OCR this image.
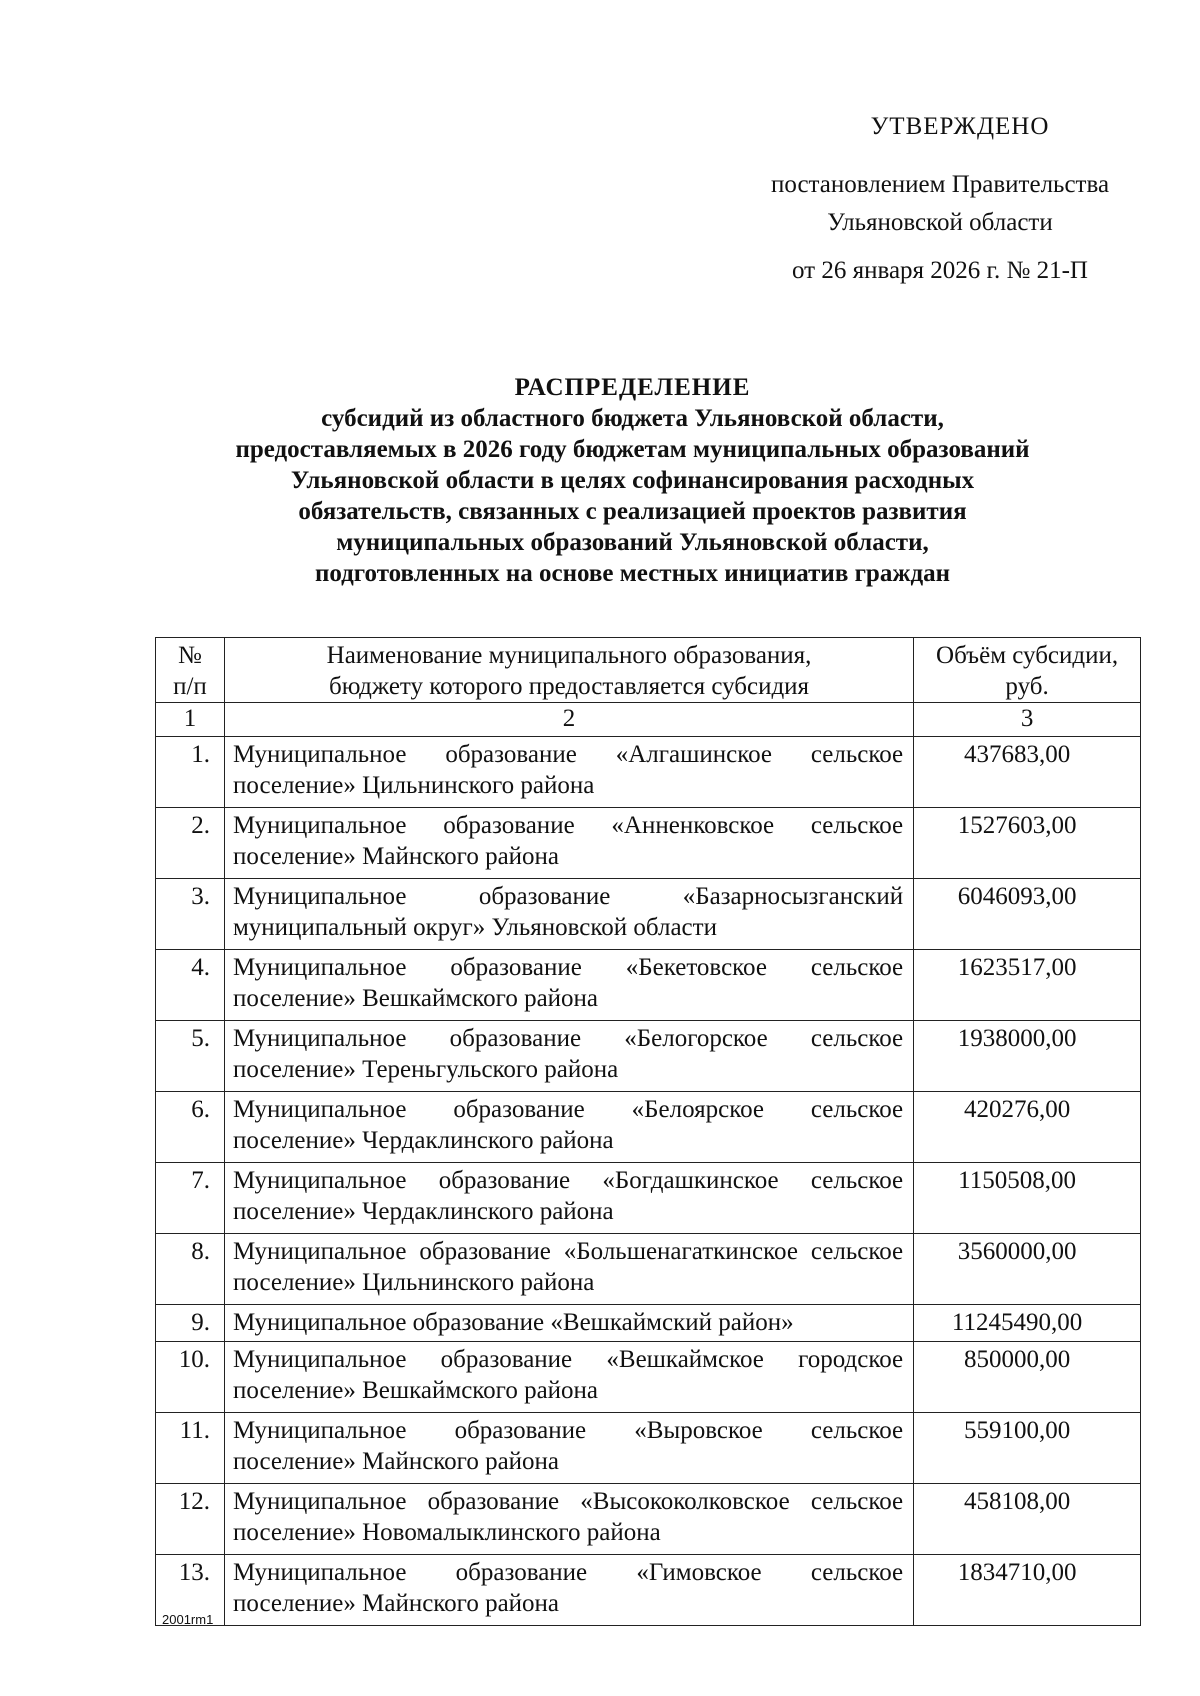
УТВЕРЖДЕНО
постановлением Правительства
Ульяновской области
от 26 января 2026 г. № 21-П
РАСПРЕДЕЛЕНИЕ
субсидий из областного бюджета Ульяновской области,
предоставляемых в 2026 году бюджетам муниципальных образований
Ульяновской области в целях софинансирования расходных
обязательств, связанных с реализацией проектов развития
муниципальных образований Ульяновской области,
подготовленных на основе местных инициатив граждан
№ п/п	Наименование муниципального образования, бюджету которого предоставляется субсидия	Объём субсидии, руб.
1	2	3
1.	Муниципальное образование «Алгашинское сельское поселение» Цильнинского района	437683,00
2.	Муниципальное образование «Анненковское сельское поселение» Майнского района	1527603,00
3.	Муниципальное образование «Базарносызганский муниципальный округ» Ульяновской области	6046093,00
4.	Муниципальное образование «Бекетовское сельское поселение» Вешкаймского района	1623517,00
5.	Муниципальное образование «Белогорское сельское поселение» Тереньгульского района	1938000,00
6.	Муниципальное образование «Белоярское сельское поселение» Чердаклинского района	420276,00
7.	Муниципальное образование «Богдашкинское сельское поселение» Чердаклинского района	1150508,00
8.	Муниципальное образование «Большенагаткинское сельское поселение» Цильнинского района	3560000,00
9.	Муниципальное образование «Вешкаймский район»	11245490,00
10.	Муниципальное образование «Вешкаймское городское поселение» Вешкаймского района	850000,00
11.	Муниципальное образование «Выровское сельское поселение» Майнского района	559100,00
12.	Муниципальное образование «Высококолковское сельское поселение» Новомалыклинского района	458108,00
13.	Муниципальное образование «Гимовское сельское поселение» Майнского района	1834710,00
2001rm1
